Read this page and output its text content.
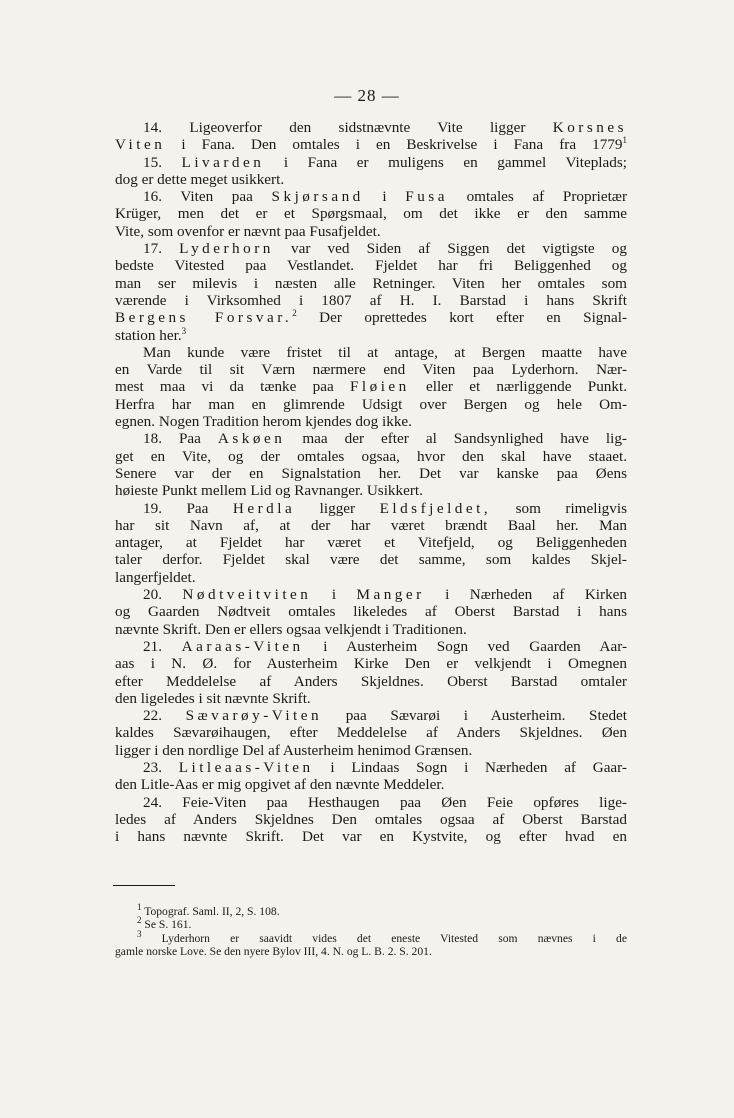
— 28 —
14. Ligeoverfor den sidstnævnte Vite ligger Korsnes
Viten i Fana. Den omtales i en Beskrivelse i Fana fra 1779$^1$
15. Livarden i Fana er muligens en gammel Viteplads;
dog er dette meget usikkert.
16. Viten paa Skjørsand i Fusa omtales af Proprietær
Krüger, men det er et Spørgsmaal, om det ikke er den samme
Vite, som ovenfor er nævnt paa Fusafjeldet.
17. Lyderhorn var ved Siden af Siggen det vigtigste og
bedste Vitested paa Vestlandet. Fjeldet har fri Beliggenhed og
man ser milevis i næsten alle Retninger. Viten her omtales som
værende i Virksomhed i 1807 af H. I. Barstad i hans Skrift
Bergens Forsvar.$^2$ Der oprettedes kort efter en Signal-
station her.$^3$
Man kunde være fristet til at antage, at Bergen maatte have
en Varde til sit Værn nærmere end Viten paa Lyderhorn. Nær-
mest maa vi da tænke paa Fløien eller et nærliggende Punkt.
Herfra har man en glimrende Udsigt over Bergen og hele Om-
egnen. Nogen Tradition herom kjendes dog ikke.
18. Paa Askøen maa der efter al Sandsynlighed have lig-
get en Vite, og der omtales ogsaa, hvor den skal have staaet.
Senere var der en Signalstation her. Det var kanske paa Øens
høieste Punkt mellem Lid og Ravnanger. Usikkert.
19. Paa Herdla ligger Eldsfjeldet, som rimeligvis
har sit Navn af, at der har været brændt Baal her. Man
antager, at Fjeldet har været et Vitefjeld, og Beliggenheden
taler derfor. Fjeldet skal være det samme, som kaldes Skjel-
langerfjeldet.
20. Nødtveitviten i Manger i Nærheden af Kirken
og Gaarden Nødtveit omtales likeledes af Oberst Barstad i hans
nævnte Skrift. Den er ellers ogsaa velkjendt i Traditionen.
21. Aaraas-Viten i Austerheim Sogn ved Gaarden Aar-
aas i N. Ø. for Austerheim Kirke Den er velkjendt i Omegnen
efter Meddelelse af Anders Skjeldnes. Oberst Barstad omtaler
den ligeledes i sit nævnte Skrift.
22. Sævarøy-Viten paa Sævarøi i Austerheim. Stedet
kaldes Sævarøihaugen, efter Meddelelse af Anders Skjeldnes. Øen
ligger i den nordlige Del af Austerheim henimod Grænsen.
23. Litleaas-Viten i Lindaas Sogn i Nærheden af Gaar-
den Litle-Aas er mig opgivet af den nævnte Meddeler.
24. Feie-Viten paa Hesthaugen paa Øen Feie opføres lige-
ledes af Anders Skjeldnes Den omtales ogsaa af Oberst Barstad
i hans nævnte Skrift. Det var en Kystvite, og efter hvad en
$^1$ Topograf. Saml. II, 2, S. 108.
$^2$ Se S. 161.
$^3$ Lyderhorn er saavidt vides det eneste Vitested som nævnes i de
gamle norske Love. Se den nyere Bylov III, 4. N. og L. B. 2. S. 201.
